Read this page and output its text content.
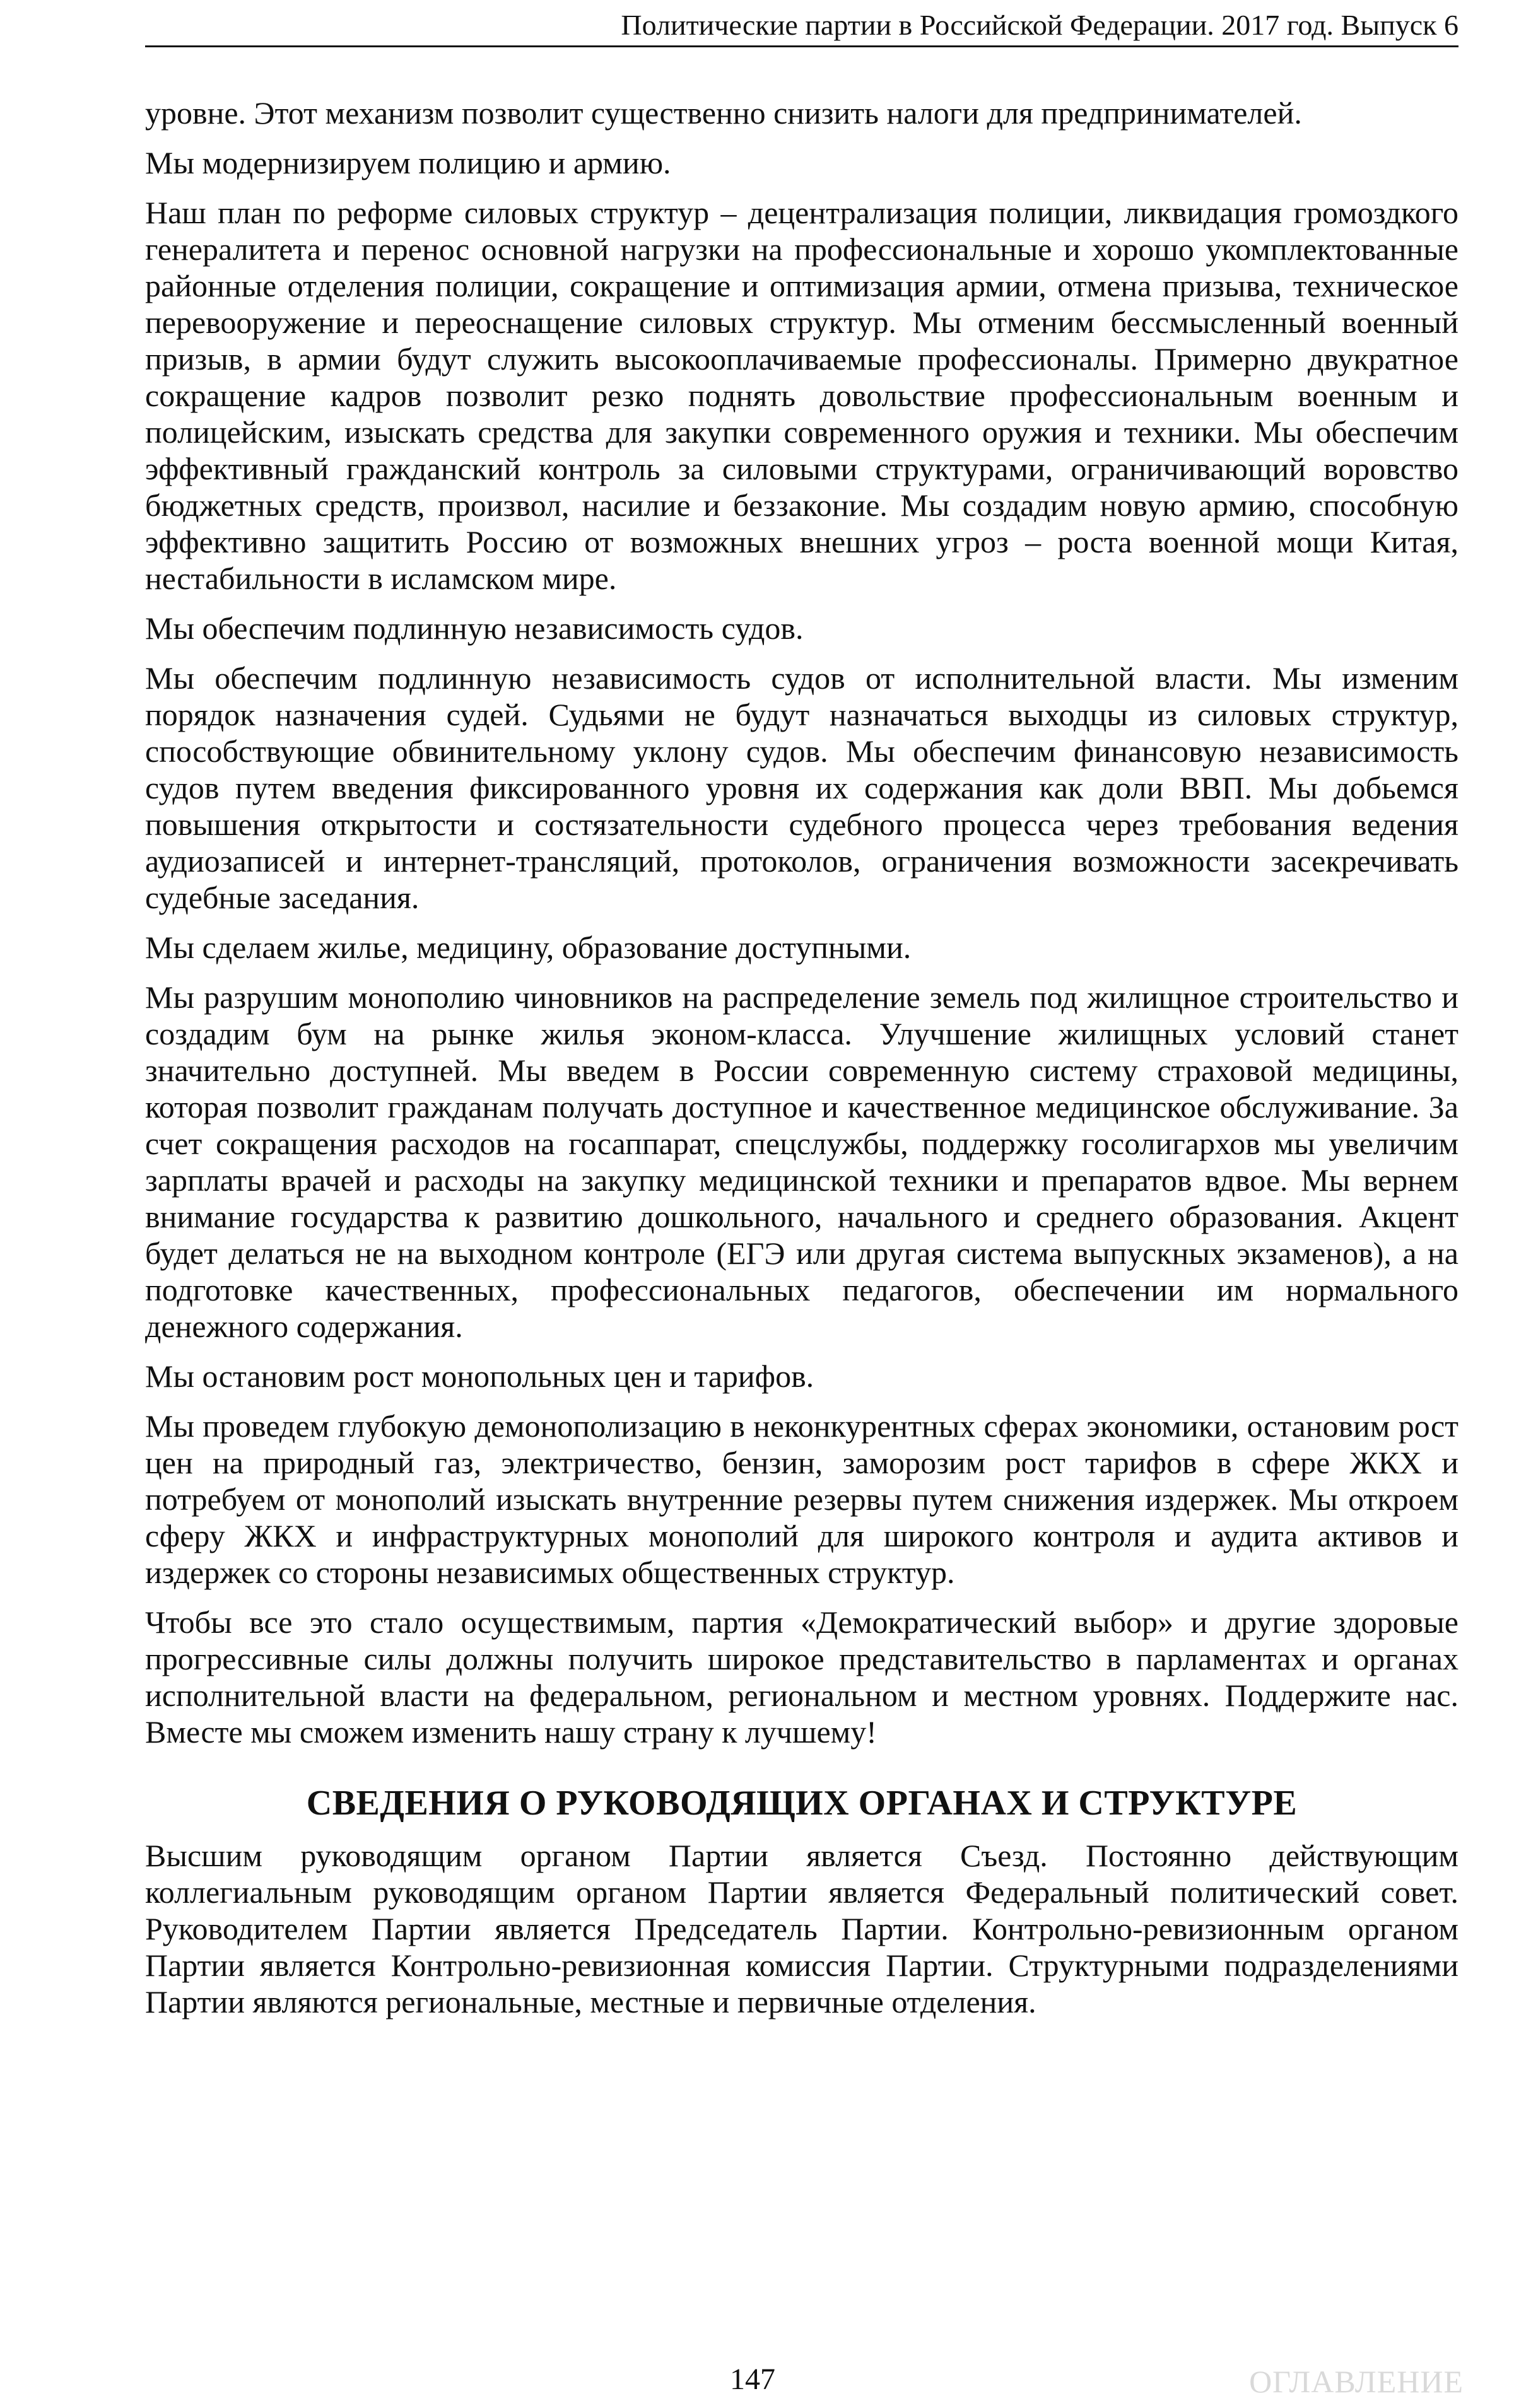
Политические партии в Российской Федерации. 2017 год. Выпуск 6

уровне. Этот механизм позволит существенно снизить налоги для предпринимателей.

Мы модернизируем полицию и армию.

Наш план по реформе силовых структур – децентрализация полиции, ликвидация громоздкого генералитета и перенос основной нагрузки на профессиональные и хорошо укомплектованные районные отделения полиции, сокращение и оптимизация армии, отмена призыва, техническое перевооружение и переоснащение силовых структур. Мы отменим бессмысленный военный призыв, в армии будут служить высокооплачиваемые профессионалы. Примерно двукратное сокращение кадров позволит резко поднять довольствие профессиональным военным и полицейским, изыскать средства для закупки современного оружия и техники. Мы обеспечим эффективный гражданский контроль за силовыми структурами, ограничивающий воровство бюджетных средств, произвол, насилие и беззаконие. Мы создадим новую армию, способную эффективно защитить Россию от возможных внешних угроз – роста военной мощи Китая, нестабильности в исламском мире.

Мы обеспечим подлинную независимость судов.

Мы обеспечим подлинную независимость судов от исполнительной власти. Мы изменим порядок назначения судей. Судьями не будут назначаться выходцы из силовых структур, способствующие обвинительному уклону судов. Мы обеспечим финансовую независимость судов путем введения фиксированного уровня их содержания как доли ВВП. Мы добьемся повышения открытости и состязательности судебного процесса через требования ведения аудиозаписей и интернет-трансляций, протоколов, ограничения возможности засекречивать судебные заседания.

Мы сделаем жилье, медицину, образование доступными.

Мы разрушим монополию чиновников на распределение земель под жилищное строительство и создадим бум на рынке жилья эконом-класса. Улучшение жилищных условий станет значительно доступней. Мы введем в России современную систему страховой медицины, которая позволит гражданам получать доступное и качественное медицинское обслуживание. За счет сокращения расходов на госаппарат, спецслужбы, поддержку госолигархов мы увеличим зарплаты врачей и расходы на закупку медицинской техники и препаратов вдвое. Мы вернем внимание государства к развитию дошкольного, начального и среднего образования. Акцент будет делаться не на выходном контроле (ЕГЭ или другая система выпускных экзаменов), а на подготовке качественных, профессиональных педагогов, обеспечении им нормального денежного содержания.

Мы остановим рост монопольных цен и тарифов.

Мы проведем глубокую демонополизацию в неконкурентных сферах экономики, остановим рост цен на природный газ, электричество, бензин, заморозим рост тарифов в сфере ЖКХ и потребуем от монополий изыскать внутренние резервы путем снижения издержек. Мы откроем сферу ЖКХ и инфраструктурных монополий для широкого контроля и аудита активов и издержек со стороны независимых общественных структур.

Чтобы все это стало осуществимым, партия «Демократический выбор» и другие здоровые прогрессивные силы должны получить широкое представительство в парламентах и органах исполнительной власти на федеральном, региональном и местном уровнях. Поддержите нас. Вместе мы сможем изменить нашу страну к лучшему!

СВЕДЕНИЯ О РУКОВОДЯЩИХ ОРГАНАХ И СТРУКТУРЕ

Высшим руководящим органом Партии является Съезд. Постоянно действующим коллегиальным руководящим органом Партии является Федеральный политический совет. Руководителем Партии является Председатель Партии. Контрольно-ревизионным органом Партии является Контрольно-ревизионная комиссия Партии. Структурными подразделениями Партии являются региональные, местные и первичные отделения.

147	ОГЛАВЛЕНИЕ
